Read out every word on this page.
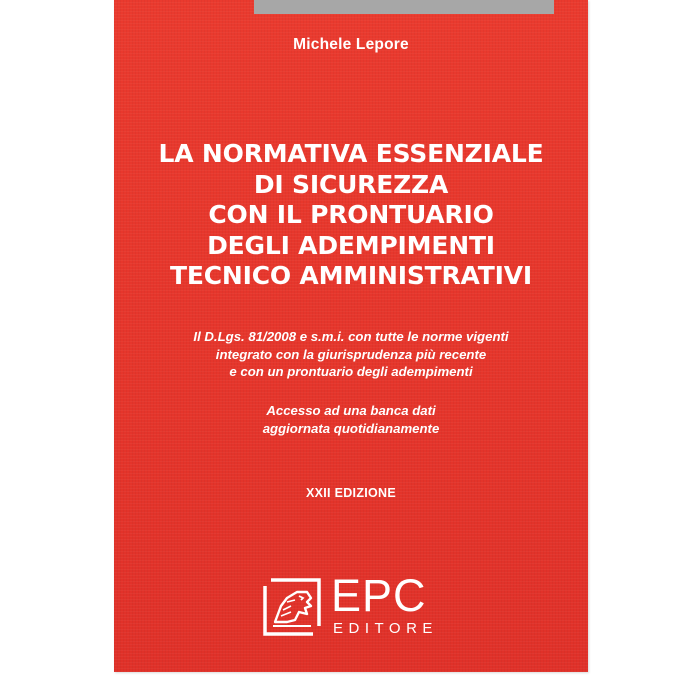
Michele Lepore
LA NORMATIVA ESSENZIALE
DI SICUREZZA
CON IL PRONTUARIO
DEGLI ADEMPIMENTI
TECNICO AMMINISTRATIVI
Il D.Lgs. 81/2008 e s.m.i. con tutte le norme vigenti
integrato con la giurisprudenza più recente
e con un prontuario degli adempimenti
Accesso ad una banca dati
aggiornata quotidianamente
XXII EDIZIONE
EPC
EDITORE
